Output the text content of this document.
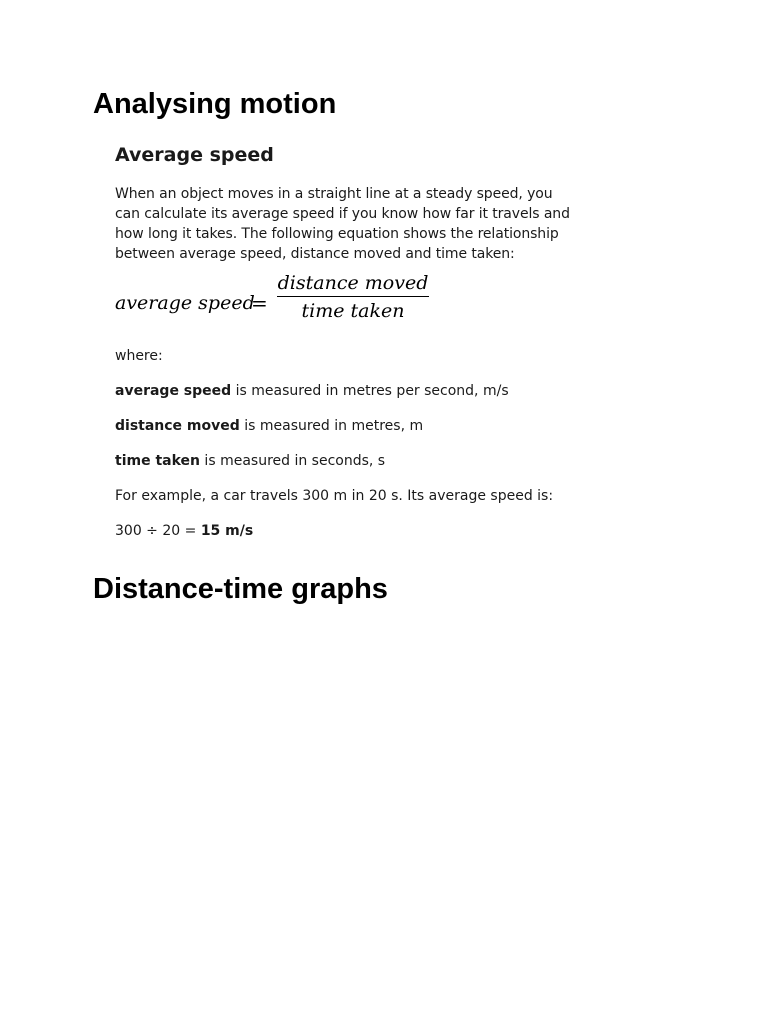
Analysing motion
Average speed

When an object moves in a straight line at a steady speed, you
can calculate its average speed if you know how far it travels and
how long it takes. The following equation shows the relationship
between average speed, distance moved and time taken:

average speed
=
distance moved
time taken

where:

average speed is measured in metres per second, m/s

distance moved is measured in metres, m

time taken is measured in seconds, s

For example, a car travels 300 m in 20 s. Its average speed is:

300 ÷ 20 = 15 m/s

Distance-time graphs
